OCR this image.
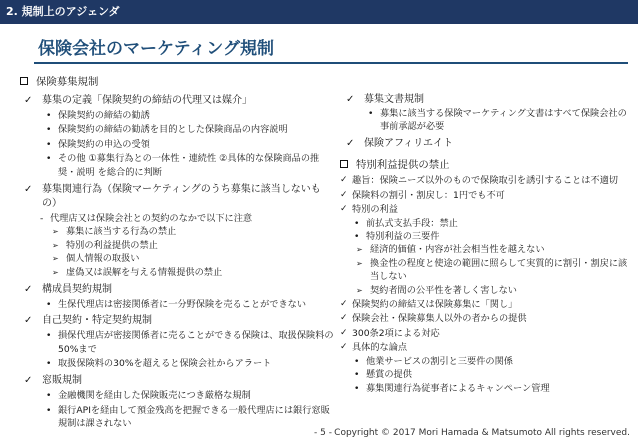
2. 規制上のアジェンダ
保険会社のマーケティング規制
保険募集規制
✓ 募集の定義「保険契約の締結の代理又は媒介」
• 保険契約の締結の勧誘
• 保険契約の締結の勧誘を目的とした保険商品の内容説明
• 保険契約の申込の受領
• その他 ①募集行為との一体性・連続性 ②具体的な保険商品の推奨・説明 を総合的に判断
✓ 募集関連行為（保険マーケティングのうち募集に該当しないもの）
- 代理店又は保険会社との契約のなかで以下に注意
➢ 募集に該当する行為の禁止
➢ 特別の利益提供の禁止
➢ 個人情報の取扱い
➢ 虚偽又は誤解を与える情報提供の禁止
✓ 構成員契約規制
• 生保代理店は密接関係者に一分野保険を売ることができない
✓ 自己契約・特定契約規制
• 損保代理店が密接関係者に売ることができる保険は、取扱保険料の50%まで
• 取扱保険料の30%を超えると保険会社からアラート
✓ 窓販規制
• 金融機関を経由した保険販売につき厳格な規制
• 銀行APIを経由して預金残高を把握できる一般代理店には銀行窓販規制は課されない
✓ 募集文書規制
• 募集に該当する保険マーケティング文書はすべて保険会社の事前承認が必要
✓ 保険アフィリエイト
特別利益提供の禁止
✓ 趣旨：保険ニーズ以外のもので保険取引を誘引することは不適切
✓ 保険料の割引・割戻し：1円でも不可
✓ 特別の利益
• 前払式支払手段：禁止
• 特別利益の三要件
➢ 経済的価値・内容が社会相当性を越えない
➢ 換金性の程度と使途の範囲に照らして実質的に割引・割戻に該当しない
➢ 契約者間の公平性を著しく害しない
✓ 保険契約の締結又は保険募集に「関し」
✓ 保険会社・保険募集人以外の者からの提供
✓ 300条2項による対応
✓ 具体的な論点
• 他業サービスの割引と三要件の関係
• 懸賞の提供
• 募集関連行為従事者によるキャンペーン管理
- 5 - Copyright © 2017 Mori Hamada & Matsumoto All rights reserved.
